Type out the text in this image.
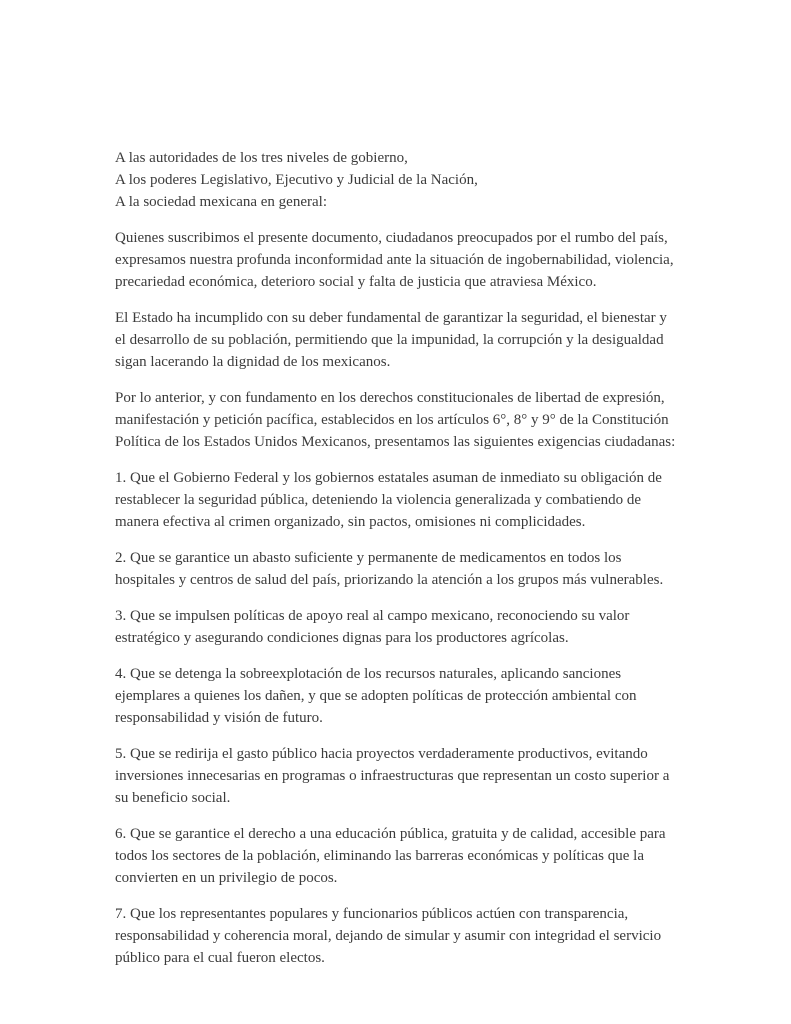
A las autoridades de los tres niveles de gobierno,

A los poderes Legislativo, Ejecutivo y Judicial de la Nación,

A la sociedad mexicana en general:

Quienes suscribimos el presente documento, ciudadanos preocupados por el rumbo del país, expresamos nuestra profunda inconformidad ante la situación de ingobernabilidad, violencia, precariedad económica, deterioro social y falta de justicia que atraviesa México.

El Estado ha incumplido con su deber fundamental de garantizar la seguridad, el bienestar y el desarrollo de su población, permitiendo que la impunidad, la corrupción y la desigualdad sigan lacerando la dignidad de los mexicanos.

Por lo anterior, y con fundamento en los derechos constitucionales de libertad de expresión, manifestación y petición pacífica, establecidos en los artículos 6°, 8° y 9° de la Constitución Política de los Estados Unidos Mexicanos, presentamos las siguientes exigencias ciudadanas:

1. Que el Gobierno Federal y los gobiernos estatales asuman de inmediato su obligación de restablecer la seguridad pública, deteniendo la violencia generalizada y combatiendo de manera efectiva al crimen organizado, sin pactos, omisiones ni complicidades.

2. Que se garantice un abasto suficiente y permanente de medicamentos en todos los hospitales y centros de salud del país, priorizando la atención a los grupos más vulnerables.

3. Que se impulsen políticas de apoyo real al campo mexicano, reconociendo su valor estratégico y asegurando condiciones dignas para los productores agrícolas.

4. Que se detenga la sobreexplotación de los recursos naturales, aplicando sanciones ejemplares a quienes los dañen, y que se adopten políticas de protección ambiental con responsabilidad y visión de futuro.

5. Que se redirija el gasto público hacia proyectos verdaderamente productivos, evitando inversiones innecesarias en programas o infraestructuras que representan un costo superior a su beneficio social.

6. Que se garantice el derecho a una educación pública, gratuita y de calidad, accesible para todos los sectores de la población, eliminando las barreras económicas y políticas que la convierten en un privilegio de pocos.

7. Que los representantes populares y funcionarios públicos actúen con transparencia, responsabilidad y coherencia moral, dejando de simular y asumir con integridad el servicio público para el cual fueron electos.
